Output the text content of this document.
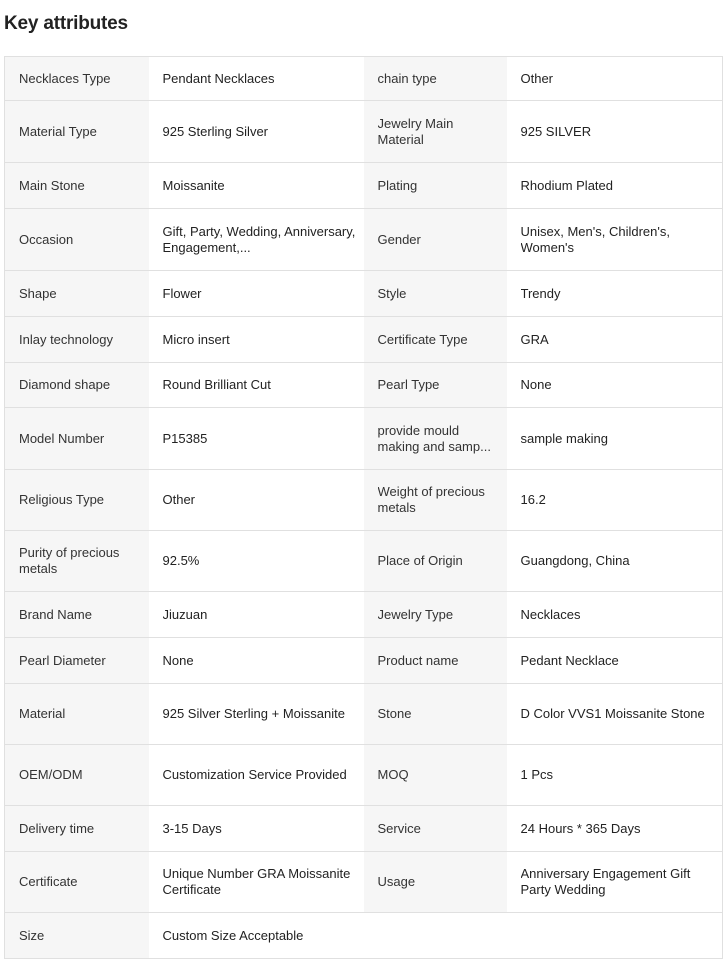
Key attributes
Necklaces Type	Pendant Necklaces	chain type	Other

Material Type	925 Sterling Silver	Jewelry Main Material	925 SILVER

Main Stone	Moissanite	Plating	Rhodium Plated

Occasion	Gift, Party, Wedding, Anniversary, Engagement,...	Gender	Unisex, Men's, Children's, Women's

Shape	Flower	Style	Trendy

Inlay technology	Micro insert	Certificate Type	GRA

Diamond shape	Round Brilliant Cut	Pearl Type	None

Model Number	P15385	provide mould making and samp...	sample making

Religious Type	Other	Weight of precious metals	16.2

Purity of precious metals	92.5%	Place of Origin	Guangdong, China

Brand Name	Jiuzuan	Jewelry Type	Necklaces

Pearl Diameter	None	Product name	Pedant Necklace

Material	925 Silver Sterling + Moissanite	Stone	D Color VVS1 Moissanite Stone

OEM/ODM	Customization Service Provided	MOQ	1 Pcs

Delivery time	3-15 Days	Service	24 Hours * 365 Days

Certificate	Unique Number GRA Moissanite Certificate	Usage	Anniversary Engagement Gift Party Wedding

Size	Custom Size Acceptable		
